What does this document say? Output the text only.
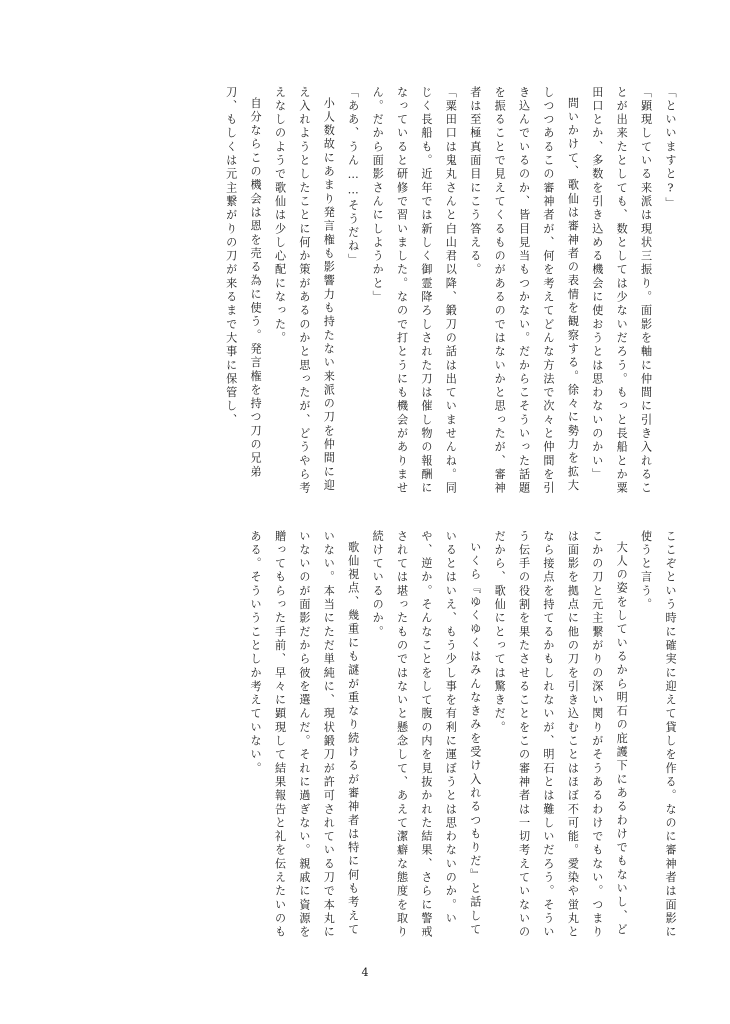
「といいますと?」

「顕現している来派は現状三振り。面影を軸に仲間に引き入れることが出来たとしても、数としては少ないだろう。もっと長船とか粟田口とか、多数を引き込める機会に使おうとは思わないのかい」

問いかけて、歌仙は審神者の表情を観察する。徐々に勢力を拡大しつつあるこの審神者が、何を考えてどんな方法で次々と仲間を引き込んでいるのか、皆目見当もつかない。だからこそういった話題を振ることで見えてくるものがあるのではないかと思ったが、審神者は至極真面目にこう答える。

「粟田口は鬼丸さんと白山君以降、鍛刀の話は出ていませんね。同じく長船も。近年では新しく御霊降ろしされた刀は催し物の報酬になっていると研修で習いました。なので打とうにも機会がありません。だから面影さんにしようかと」

「ああ、うん……そうだね」

小人数故にあまり発言権も影響力も持たない来派の刀を仲間に迎え入れようとしたことに何か策があるのかと思ったが、どうやら考えなしのようで歌仙は少し心配になった。

自分ならこの機会は恩を売る為に使う。発言権を持つ刀の兄弟刀、もしくは元主繋がりの刀が来るまで大事に保管し、

ここぞという時に確実に迎えて貸しを作る。なのに審神者は面影に使うと言う。

大人の姿をしているから明石の庇護下にあるわけでもないし、どこかの刀と元主繋がりの深い関りがそうあるわけでもない。つまりは面影を拠点に他の刀を引き込むことはほぼ不可能。愛染や蛍丸となら接点を持てるかもしれないが、明石とは難しいだろう。そういう伝手の役割を果たさせることをこの審神者は一切考えていないのだから、歌仙にとっては驚きだ。

いくら『ゆくゆくはみんなきみを受け入れるつもりだ』と話しているとはいえ、もう少し事を有利に運ぼうとは思わないのか。いや、逆か。そんなことをして腹の内を見抜かれた結果、さらに警戒されては堪ったものではないと懸念して、あえて潔癖な態度を取り続けているのか。

歌仙視点、幾重にも謎が重なり続けるが審神者は特に何も考えていない。本当にただ単純に、現状鍛刀が許可されている刀で本丸にいないのが面影だから彼を選んだ。それに過ぎない。親戚に資源を贈ってもらった手前、早々に顕現して結果報告と礼を伝えたいのもある。そういうことしか考えていない。

4
